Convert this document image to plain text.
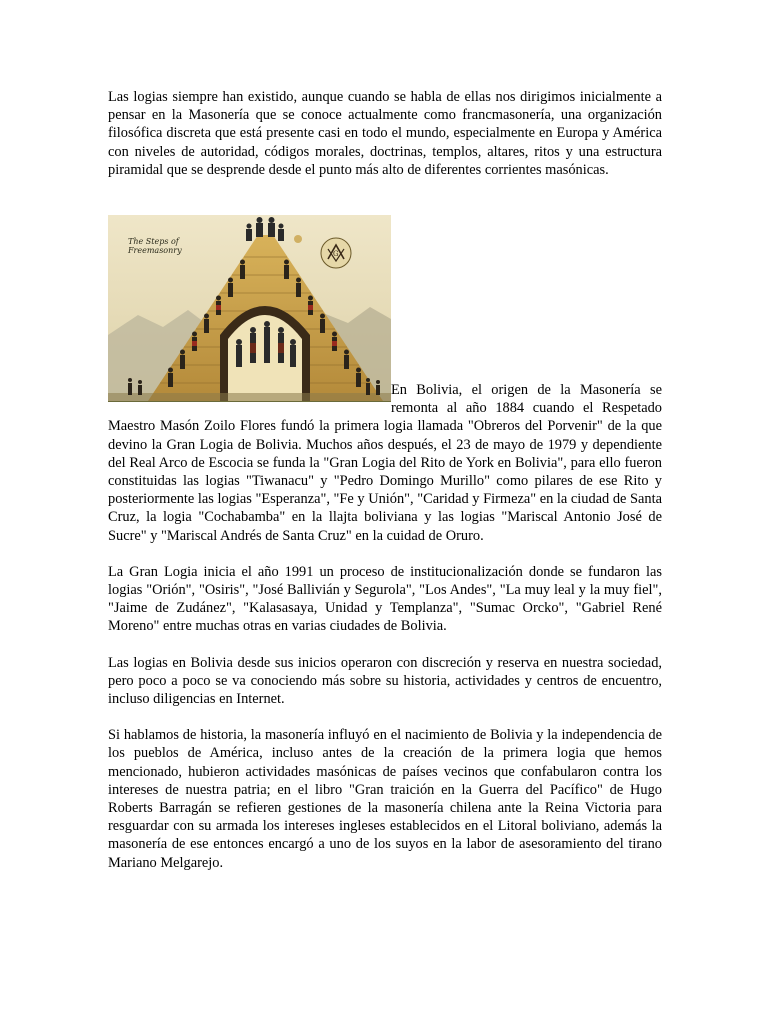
Las logias siempre han existido, aunque cuando se habla de ellas nos dirigimos inicialmente a pensar en la Masonería que se conoce actualmente como francmasonería, una organización filosófica discreta que está presente casi en todo el mundo, especialmente en Europa y América con niveles de autoridad, códigos morales, doctrinas, templos, altares, ritos y una estructura piramidal que se desprende desde el punto más alto de diferentes corrientes masónicas.

G
The Steps of Freemasonry

En Bolivia, el origen de la Masonería se remonta al año 1884 cuando el Respetado Maestro Masón Zoilo Flores fundó la primera logia llamada "Obreros del Porvenir" de la que devino la Gran Logia de Bolivia. Muchos años después, el 23 de mayo de 1979 y dependiente del Real Arco de Escocia se funda la "Gran Logia del Rito de York en Bolivia", para ello fueron constituidas las logias "Tiwanacu" y "Pedro Domingo Murillo" como pilares de ese Rito y posteriormente las logias "Esperanza", "Fe y Unión", "Caridad y Firmeza" en la ciudad de Santa Cruz, la logia "Cochabamba" en la llajta boliviana y las logias "Mariscal Antonio José de Sucre" y "Mariscal Andrés de Santa Cruz" en la cuidad de Oruro.

La Gran Logia inicia el año 1991 un proceso de institucionalización donde se fundaron las logias "Orión", "Osiris", "José Ballivián y Segurola", "Los Andes", "La muy leal y la muy fiel", "Jaime de Zudánez", "Kalasasaya, Unidad y Templanza", "Sumac Orcko", "Gabriel René Moreno" entre muchas otras en varias ciudades de Bolivia.

Las logias en Bolivia desde sus inicios operaron con discreción y reserva en nuestra sociedad, pero poco a poco se va conociendo más sobre su historia, actividades y centros de encuentro, incluso diligencias en Internet.

Si hablamos de historia, la masonería influyó en el nacimiento de Bolivia y la independencia de los pueblos de América, incluso antes de la creación de la primera logia que hemos mencionado, hubieron actividades masónicas de países vecinos que confabularon contra los intereses de nuestra patria; en el libro "Gran traición en la Guerra del Pacífico" de Hugo Roberts Barragán se refieren gestiones de la masonería chilena ante la Reina Victoria para resguardar con su armada los intereses ingleses establecidos en el Litoral boliviano, además la masonería de ese entonces encargó a uno de los suyos en la labor de asesoramiento del tirano Mariano Melgarejo.
